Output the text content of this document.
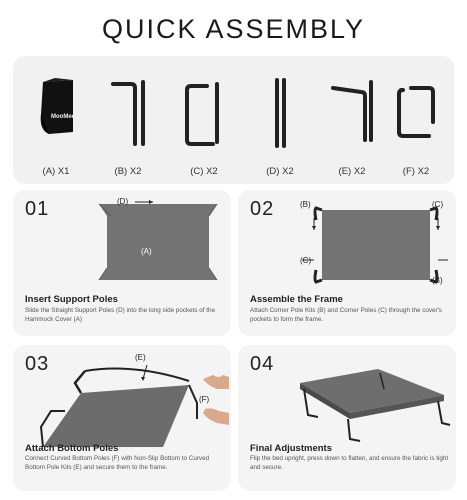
QUICK ASSEMBLY
MooMee
(A) X1	(B) X2	(C) X2	(D) X2	(E) X2	(F) X2
(D)
(A)
01
Insert Support Poles
Slide the Straight Support Poles (D) into the long side pockets of the Hammock Cover (A)
(B)	(C)
(C)
(B)
02
Assemble the Frame
Attach Corner Pole Kits (B) and Corner Poles (C) through the cover's pockets to form the frame.
(E)
(F)
03
Attach Bottom Poles
Connect Curved Bottom Poles (F) with Non-Slip Bottom to Curved Bottom Pole Kits (E) and secure them to the frame.
04
Final Adjustments
Flip the bed upright, press down to flatten, and ensure the fabric is tight and secure.
